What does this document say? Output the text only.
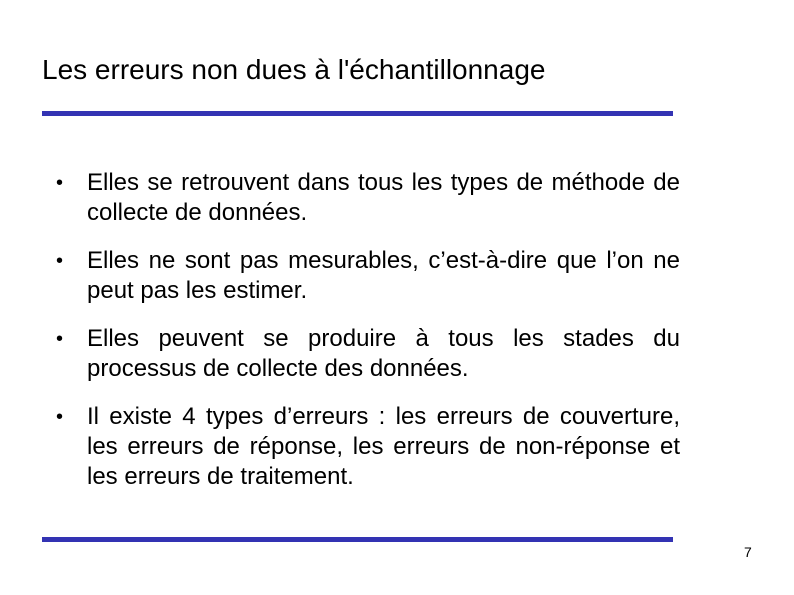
Les erreurs non dues à l'échantillonnage
• Elles se retrouvent dans tous les types de méthode de collecte de données.
• Elles ne sont pas mesurables, c’est-à-dire que l’on ne peut pas les estimer.
• Elles peuvent se produire à tous les stades du processus de collecte des données.
• Il existe 4 types d’erreurs : les erreurs de couverture, les erreurs de réponse, les erreurs de non-réponse et les erreurs de traitement.
7
